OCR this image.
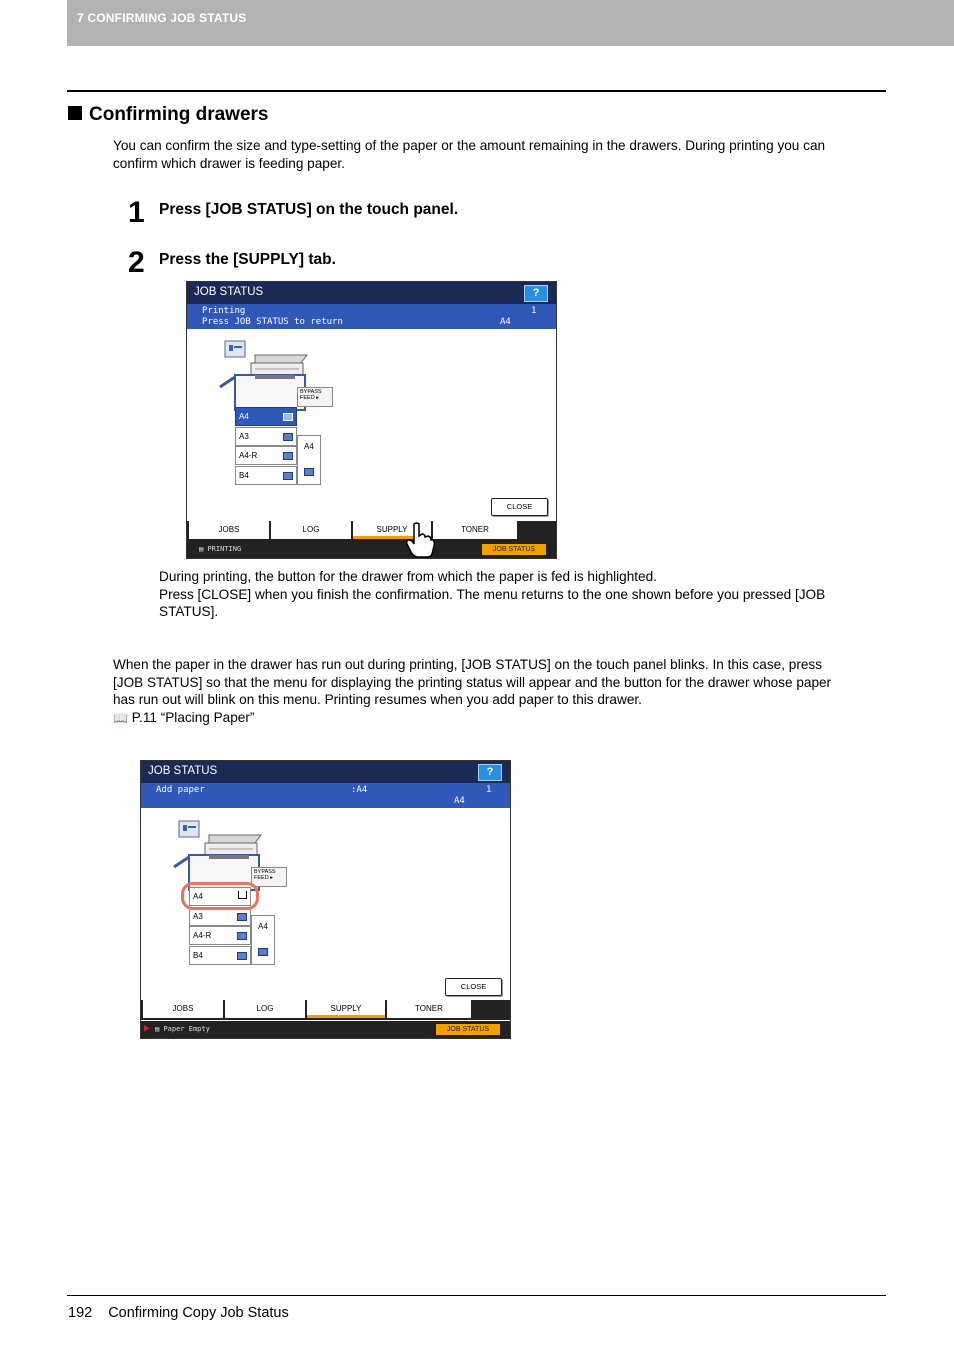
7 CONFIRMING JOB STATUS
Confirming drawers
You can confirm the size and type-setting of the paper or the amount remaining in the drawers. During printing you can
confirm which drawer is feeding paper.
1 Press [JOB STATUS] on the touch panel.
2 Press the [SUPPLY] tab.
JOB STATUS	?
Printing
Press JOB STATUS to return
1
A4
BYPASS FEED ▸
A4
A3
A4-R
B4
A4
CLOSE
JOBS	LOG	SUPPLY	TONER
▤ PRINTING	JOB STATUS
During printing, the button for the drawer from which the paper is fed is highlighted.
Press [CLOSE] when you finish the confirmation. The menu returns to the one shown before you pressed [JOB
STATUS].
When the paper in the drawer has run out during printing, [JOB STATUS] on the touch panel blinks. In this case, press
[JOB STATUS] so that the menu for displaying the printing status will appear and the button for the drawer whose paper
has run out will blink on this menu. Printing resumes when you add paper to this drawer.
📖 P.11 “Placing Paper”
JOB STATUS	?
Add paper	:A4	1
A4
BYPASS FEED ▸
A4
A3
A4-R
B4
A4
CLOSE
JOBS	LOG	SUPPLY	TONER
▶ ▤ Paper Empty	JOB STATUS
192 Confirming Copy Job Status
